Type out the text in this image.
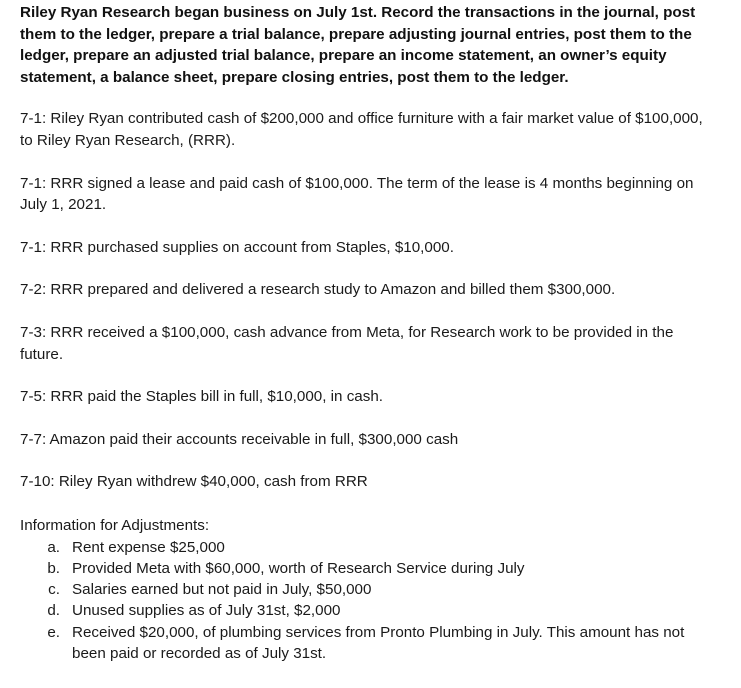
Riley Ryan Research began business on July 1st. Record the transactions in the journal, post them to the ledger, prepare a trial balance, prepare adjusting journal entries, post them to the ledger, prepare an adjusted trial balance, prepare an income statement, an owner’s equity statement, a balance sheet, prepare closing entries, post them to the ledger.

7-1: Riley Ryan contributed cash of $200,000 and office furniture with a fair market value of $100,000, to Riley Ryan Research, (RRR).

7-1: RRR signed a lease and paid cash of $100,000. The term of the lease is 4 months beginning on July 1, 2021.

7-1: RRR purchased supplies on account from Staples, $10,000.

7-2: RRR prepared and delivered a research study to Amazon and billed them $300,000.

7-3: RRR received a $100,000, cash advance from Meta, for Research work to be provided in the future.

7-5: RRR paid the Staples bill in full, $10,000, in cash.

7-7: Amazon paid their accounts receivable in full, $300,000 cash

7-10: Riley Ryan withdrew $40,000, cash from RRR

Information for Adjustments:

a. Rent expense $25,000
b. Provided Meta with $60,000, worth of Research Service during July
c. Salaries earned but not paid in July, $50,000
d. Unused supplies as of July 31st, $2,000
e. Received $20,000, of plumbing services from Pronto Plumbing in July. This amount has not been paid or recorded as of July 31st.
